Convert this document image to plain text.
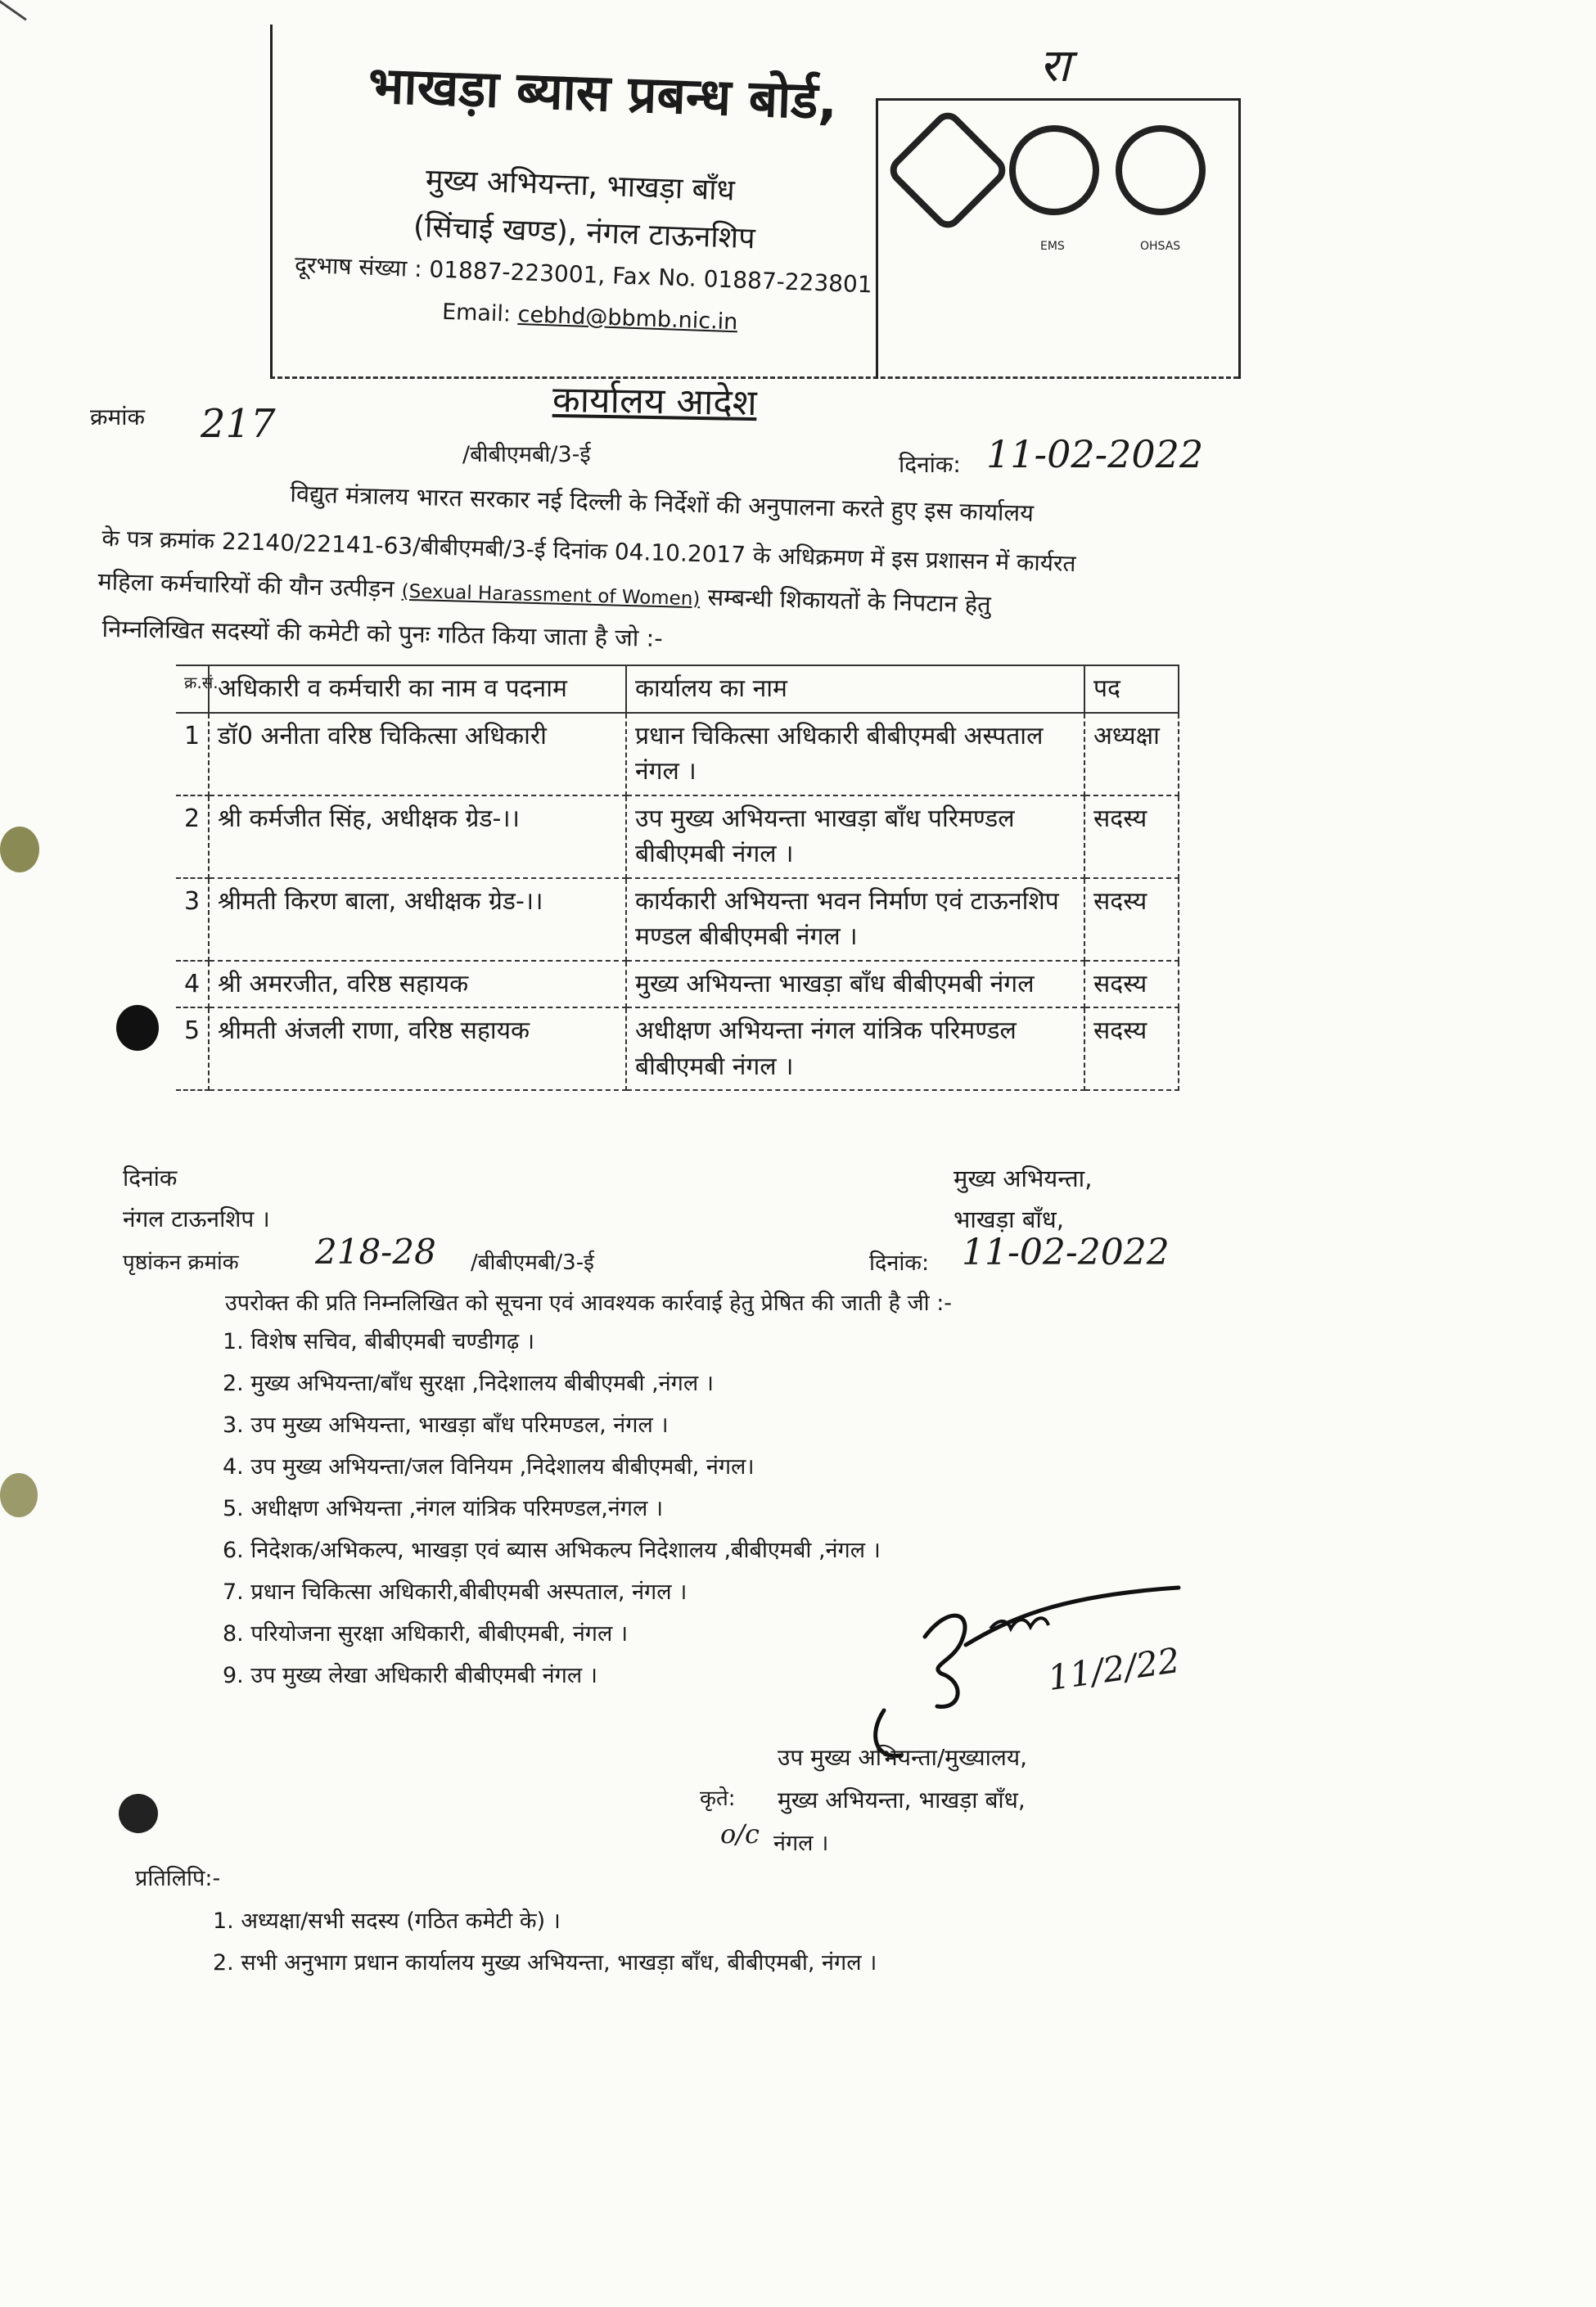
EMS	OHSAS
रा
भाखड़ा ब्यास प्रबन्ध बोर्ड,
मुख्य अभियन्ता, भाखड़ा बाँध
(सिंचाई खण्ड), नंगल टाऊनशिप
दूरभाष संख्या : 01887-223001, Fax No. 01887-223801
Email: cebhd@bbmb.nic.in
कार्यालय आदेश
क्रमांक 217
/बीबीएमबी/3-ई	दिनांक: 11-02-2022
विद्युत मंत्रालय भारत सरकार नई दिल्ली के निर्देशों की अनुपालना करते हुए इस कार्यालय
के पत्र क्रमांक 22140/22141-63/बीबीएमबी/3-ई दिनांक 04.10.2017 के अधिक्रमण में इस प्रशासन में कार्यरत
महिला कर्मचारियों की यौन उत्पीड़न (Sexual Harassment of Women) सम्बन्धी शिकायतों के निपटान हेतु
निम्नलिखित सदस्यों की कमेटी को पुनः गठित किया जाता है जो :-
क्र.सं.	अधिकारी व कर्मचारी का नाम व पदनाम	कार्यालय का नाम	पद
1	डॉ0 अनीता वरिष्ठ चिकित्सा अधिकारी	प्रधान चिकित्सा अधिकारी बीबीएमबी अस्पताल नंगल ।	अध्यक्षा
2	श्री कर्मजीत सिंह, अधीक्षक ग्रेड-।।	उप मुख्य अभियन्ता भाखड़ा बाँध परिमण्डल बीबीएमबी नंगल ।	सदस्य
3	श्रीमती किरण बाला, अधीक्षक ग्रेड-।।	कार्यकारी अभियन्ता भवन निर्माण एवं टाऊनशिप मण्डल बीबीएमबी नंगल ।	सदस्य
4	श्री अमरजीत, वरिष्ठ सहायक	मुख्य अभियन्ता भाखड़ा बाँध बीबीएमबी नंगल	सदस्य
5	श्रीमती अंजली राणा, वरिष्ठ सहायक	अधीक्षण अभियन्ता नंगल यांत्रिक परिमण्डल बीबीएमबी नंगल ।	सदस्य
दिनांक
नंगल टाऊनशिप ।
मुख्य अभियन्ता,
भाखड़ा बाँध,
पृष्ठांकन क्रमांक 218-28 /बीबीएमबी/3-ई	दिनांक: 11-02-2022
उपरोक्त की प्रति निम्नलिखित को सूचना एवं आवश्यक कार्रवाई हेतु प्रेषित की जाती है जी :-
1. विशेष सचिव, बीबीएमबी चण्डीगढ़ ।
2. मुख्य अभियन्ता/बाँध सुरक्षा ,निदेशालय बीबीएमबी ,नंगल ।
3. उप मुख्य अभियन्ता, भाखड़ा बाँध परिमण्डल, नंगल ।
4. उप मुख्य अभियन्ता/जल विनियम ,निदेशालय बीबीएमबी, नंगल।
5. अधीक्षण अभियन्ता ,नंगल यांत्रिक परिमण्डल,नंगल ।
6. निदेशक/अभिकल्प, भाखड़ा एवं ब्यास अभिकल्प निदेशालय ,बीबीएमबी ,नंगल ।
7. प्रधान चिकित्सा अधिकारी,बीबीएमबी अस्पताल, नंगल ।
8. परियोजना सुरक्षा अधिकारी, बीबीएमबी, नंगल ।
9. उप मुख्य लेखा अधिकारी बीबीएमबी नंगल ।	11/2/22
उप मुख्य अभियन्ता/मुख्यालय,
कृते: मुख्य अभियन्ता, भाखड़ा बाँध,
o/c नंगल ।
प्रतिलिपि:-
1. अध्यक्षा/सभी सदस्य (गठित कमेटी के) ।
2. सभी अनुभाग प्रधान कार्यालय मुख्य अभियन्ता, भाखड़ा बाँध, बीबीएमबी, नंगल ।
